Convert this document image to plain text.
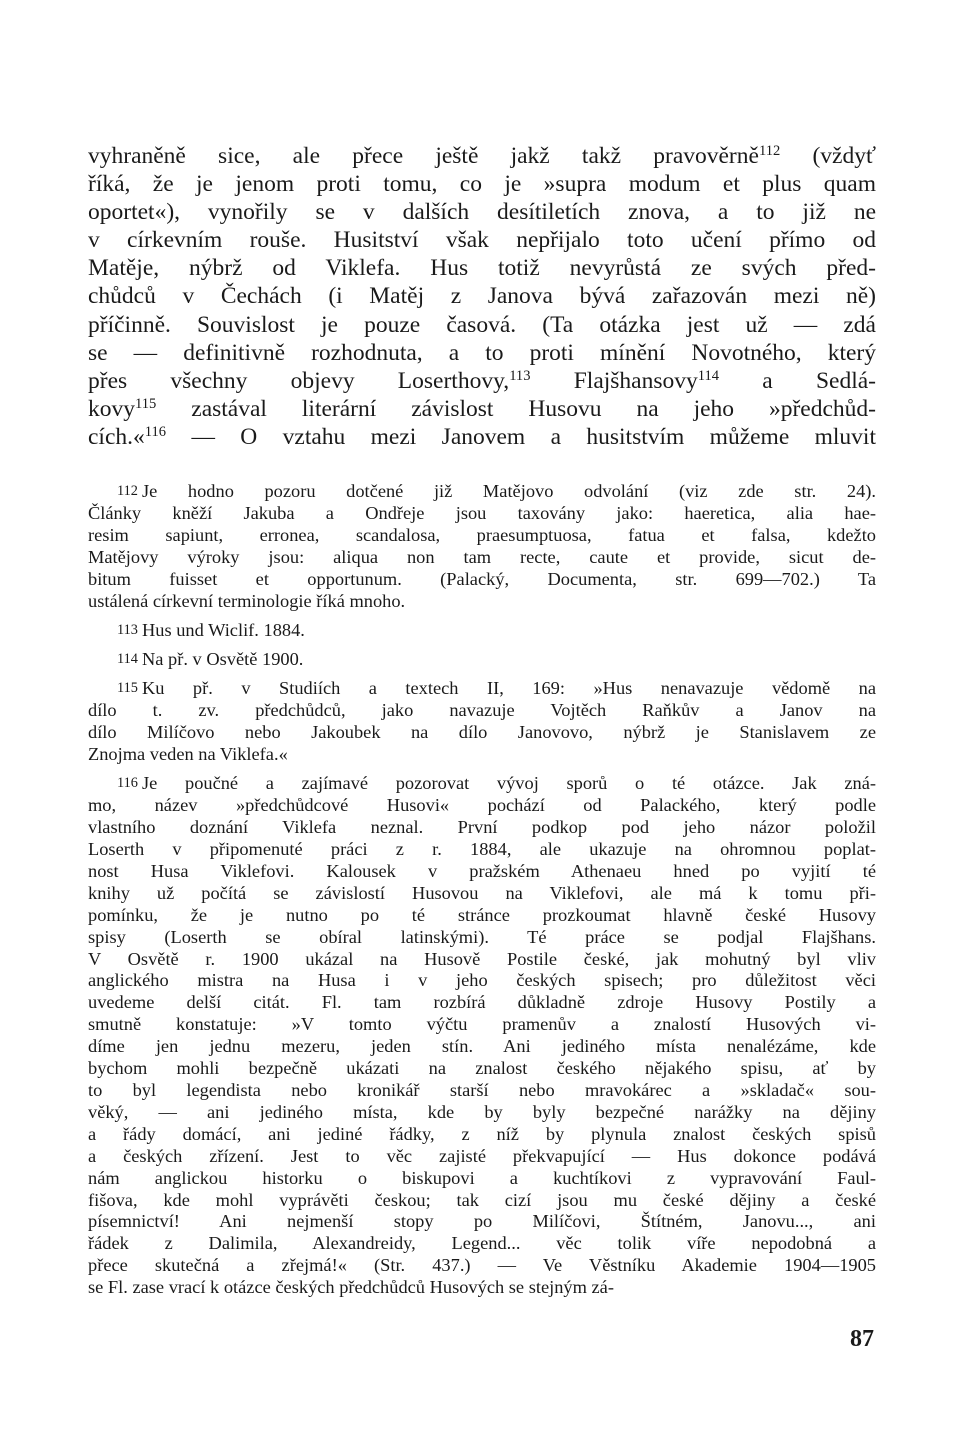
vyhraněně sice, ale přece ještě jakž takž pravověrně$^{112}$ (vždyť
říká, že je jenom proti tomu, co je »supra modum et plus quam
oportet«), vynořily se v dalších desítiletích znova, a to již ne
v církevním rouše. Husitství však nepřijalo toto učení přímo od
Matěje, nýbrž od Viklefa. Hus totiž nevyrůstá ze svých před-
chůdců v Čechách (i Matěj z Janova bývá zařazován mezi ně)
příčinně. Souvislost je pouze časová. (Ta otázka jest už — zdá
se — definitivně rozhodnuta, a to proti mínění Novotného, který
přes všechny objevy Loserthovy,$^{113}$ Flajšhansovy$^{114}$ a Sedlá-
kovy$^{115}$ zastával literární závislost Husovu na jeho »předchůd-
cích.«$^{116}$ — O vztahu mezi Janovem a husitstvím můžeme mluvit
112 Je hodno pozoru dotčené již Matějovo odvolání (viz zde str. 24).
Články kněží Jakuba a Ondřeje jsou taxovány jako: haeretica, alia hae-
resim sapiunt, erronea, scandalosa, praesumptuosa, fatua et falsa, kdežto
Matějovy výroky jsou: aliqua non tam recte, caute et provide, sicut de-
bitum fuisset et opportunum. (Palacký, Documenta, str. 699—702.) Ta
ustálená církevní terminologie říká mnoho.
113 Hus und Wiclif. 1884.
114 Na př. v Osvětě 1900.
115 Ku př. v Studiích a textech II, 169: »Hus nenavazuje vědomě na
dílo t. zv. předchůdců, jako navazuje Vojtěch Raňkův a Janov na
dílo Milíčovo nebo Jakoubek na dílo Janovovo, nýbrž je Stanislavem ze
Znojma veden na Viklefa.«
116 Je poučné a zajímavé pozorovat vývoj sporů o té otázce. Jak zná-
mo, název »předchůdcové Husovi« pochází od Palackého, který podle
vlastního doznání Viklefa neznal. První podkop pod jeho názor položil
Loserth v připomenuté práci z r. 1884, ale ukazuje na ohromnou poplat-
nost Husa Viklefovi. Kalousek v pražském Athenaeu hned po vyjití té
knihy už počítá se závislostí Husovou na Viklefovi, ale má k tomu při-
pomínku, že je nutno po té stránce prozkoumat hlavně české Husovy
spisy (Loserth se obíral latinskými). Té práce se podjal Flajšhans.
V Osvětě r. 1900 ukázal na Husově Postile české, jak mohutný byl vliv
anglického mistra na Husa i v jeho českých spisech; pro důležitost věci
uvedeme delší citát. Fl. tam rozbírá důkladně zdroje Husovy Postily a
smutně konstatuje: »V tomto výčtu pramenův a znalostí Husových vi-
díme jen jednu mezeru, jeden stín. Ani jediného místa nenalézáme, kde
bychom mohli bezpečně ukázati na znalost českého nějakého spisu, ať by
to byl legendista nebo kronikář starší nebo mravokárec a »skladač« sou-
věký, — ani jediného místa, kde by byly bezpečné narážky na dějiny
a řády domácí, ani jediné řádky, z níž by plynula znalost českých spisů
a českých zřízení. Jest to věc zajisté překvapující — Hus dokonce podává
nám anglickou historku o biskupovi a kuchtíkovi z vypravování Faul-
fišova, kde mohl vyprávěti českou; tak cizí jsou mu české dějiny a české
písemnictví! Ani nejmenší stopy po Milíčovi, Štítném, Janovu..., ani
řádek z Dalimila, Alexandreidy, Legend... věc tolik víře nepodobná a
přece skutečná a zřejmá!« (Str. 437.) — Ve Věstníku Akademie 1904—1905
se Fl. zase vrací k otázce českých předchůdců Husových se stejným zá-
87
